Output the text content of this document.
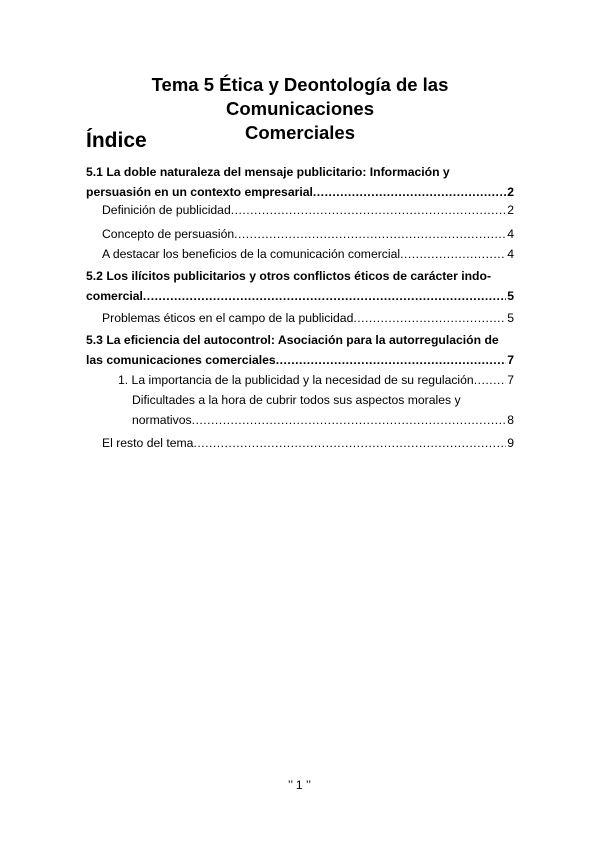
Tema 5 Ética y Deontología de las Comunicaciones
Comerciales
Índice
5.1 La doble naturaleza del mensaje publicitario: Información y
persuasión en un contexto empresarial .....	2
Definición de publicidad .....	2
Concepto de persuasión .....	4
A destacar los beneficios de la comunicación comercial .....	4
5.2 Los ilícitos publicitarios y otros conflictos éticos de carácter indo-
comercial .....	5
Problemas éticos en el campo de la publicidad .....	5
5.3 La eficiencia del autocontrol: Asociación para la autorregulación de
las comunicaciones comerciales .....	7
1. La importancia de la publicidad y la necesidad de su regulación .....	7
Dificultades a la hora de cubrir todos sus aspectos morales y
normativos .....	8
El resto del tema .....	9
’’ 1 ’’
